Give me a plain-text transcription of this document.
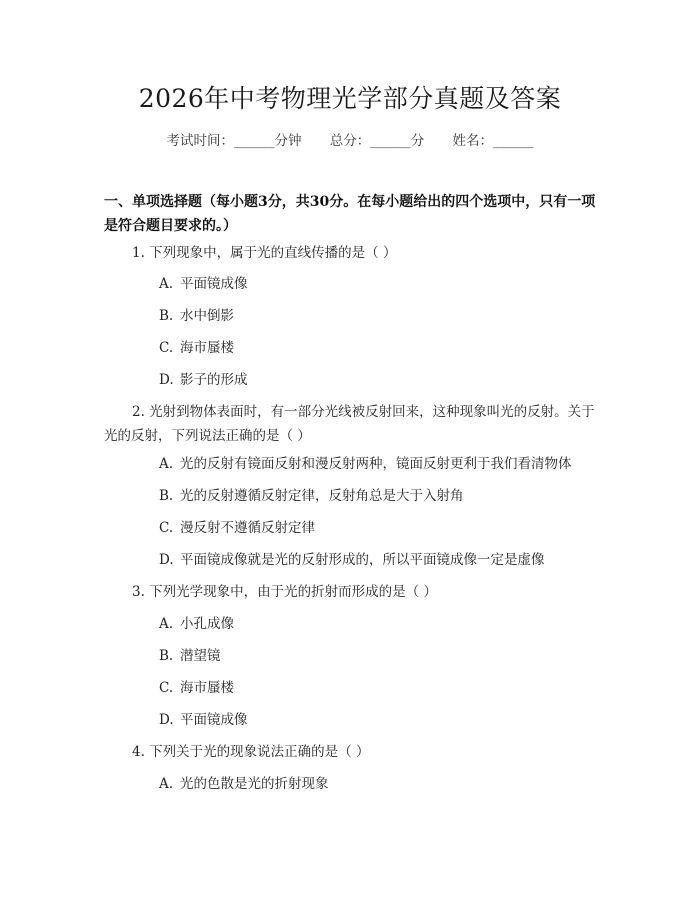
2026年中考物理光学部分真题及答案
考试时间：______分钟 总分：______分 姓名：______
一、单项选择题（每小题3分，共30分。在每小题给出的四个选项中，只有一项是符合题目要求的。）
1. 下列现象中，属于光的直线传播的是（ ）
A. 平面镜成像
B. 水中倒影
C. 海市蜃楼
D. 影子的形成
2. 光射到物体表面时，有一部分光线被反射回来，这种现象叫光的反射。关于光的反射，下列说法正确的是（ ）
A. 光的反射有镜面反射和漫反射两种，镜面反射更利于我们看清物体
B. 光的反射遵循反射定律，反射角总是大于入射角
C. 漫反射不遵循反射定律
D. 平面镜成像就是光的反射形成的，所以平面镜成像一定是虚像
3. 下列光学现象中，由于光的折射而形成的是（ ）
A. 小孔成像
B. 潜望镜
C. 海市蜃楼
D. 平面镜成像
4. 下列关于光的现象说法正确的是（ ）
A. 光的色散是光的折射现象
